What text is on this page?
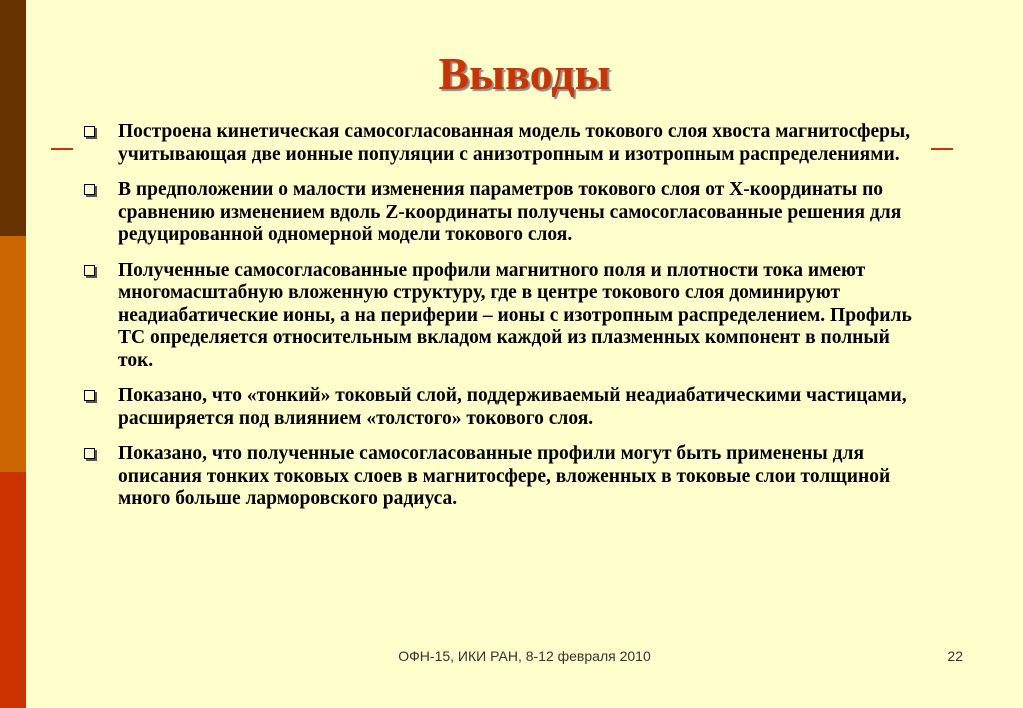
Выводы
Построена кинетическая самосогласованная модель токового слоя хвоста магнитосферы, учитывающая две ионные популяции с анизотропным и изотропным распределениями.
В предположении о малости изменения параметров токового слоя от X-координаты по сравнению изменением вдоль Z-координаты получены самосогласованные решения для редуцированной одномерной модели токового слоя.
Полученные самосогласованные профили магнитного поля и плотности тока имеют многомасштабную вложенную структуру, где в центре токового слоя доминируют неадиабатические ионы, а на периферии – ионы с изотропным распределением. Профиль ТС определяется относительным вкладом каждой из плазменных компонент в полный ток.
Показано, что «тонкий» токовый слой, поддерживаемый неадиабатическими частицами, расширяется под влиянием «толстого» токового слоя.
Показано, что полученные самосогласованные профили могут быть применены для описания тонких токовых слоев в магнитосфере, вложенных в токовые слои толщиной много больше ларморовского радиуса.
ОФН-15, ИКИ РАН, 8-12 февраля 2010	22
